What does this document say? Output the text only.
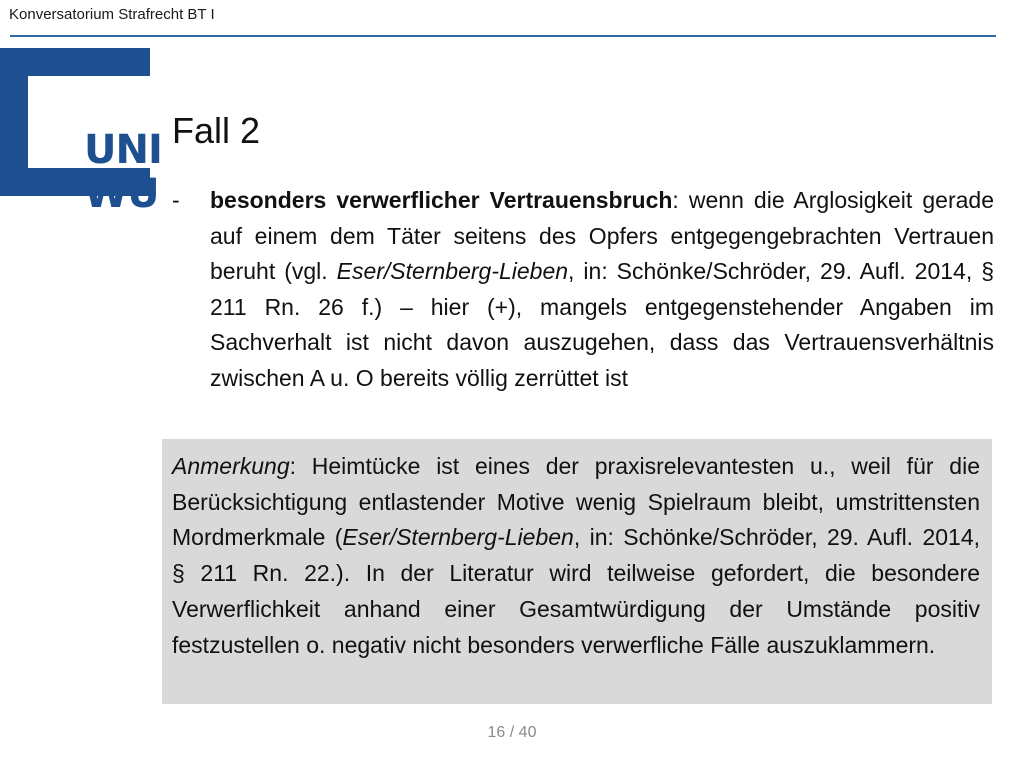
Konversatorium Strafrecht BT I
UNI
WÜ
Fall 2
- besonders verwerflicher Vertrauensbruch: wenn die Arglosigkeit gerade auf einem dem Täter seitens des Opfers entgegengebrachten Vertrauen beruht (vgl. Eser/Sternberg-Lieben, in: Schönke/Schröder, 29. Aufl. 2014, § 211 Rn. 26 f.) – hier (+), mangels entgegenstehender Angaben im Sachverhalt ist nicht davon auszugehen, dass das Vertrauensverhältnis zwischen A u. O bereits völlig zerrüttet ist
Anmerkung: Heimtücke ist eines der praxisrelevantesten u., weil für die Berücksichtigung entlastender Motive wenig Spielraum bleibt, umstrittensten Mordmerkmale (Eser/Sternberg-Lieben, in: Schönke/Schröder, 29. Aufl. 2014, § 211 Rn. 22.). In der Literatur wird teilweise gefordert, die besondere Verwerflichkeit anhand einer Gesamtwürdigung der Umstände positiv festzustellen o. negativ nicht besonders verwerfliche Fälle auszuklammern.
16 / 40
